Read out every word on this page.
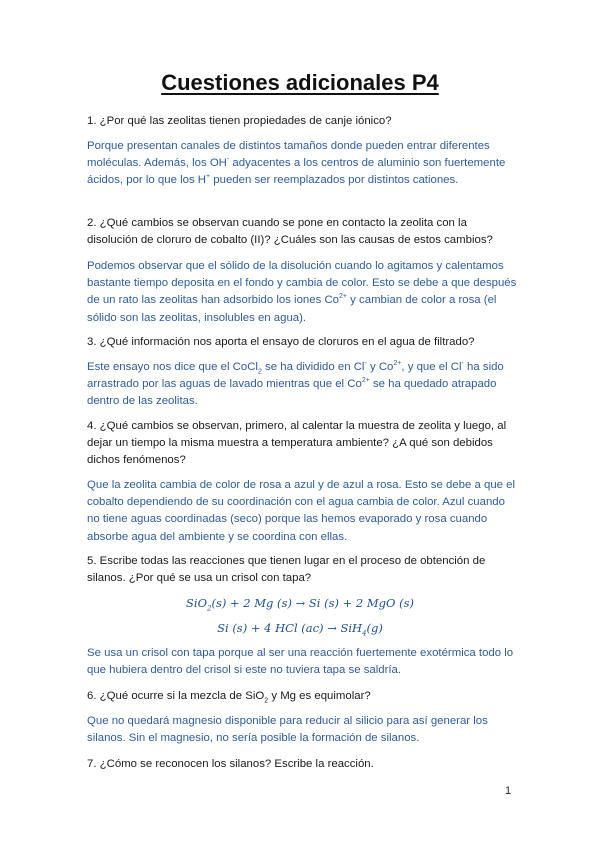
Cuestiones adicionales P4
1. ¿Por qué las zeolitas tienen propiedades de canje iónico?
Porque presentan canales de distintos tamaños donde pueden entrar diferentes moléculas. Además, los OH- adyacentes a los centros de aluminio son fuertemente ácidos, por lo que los H+ pueden ser reemplazados por distintos cationes.
2. ¿Qué cambios se observan cuando se pone en contacto la zeolita con la disolución de cloruro de cobalto (II)? ¿Cuáles son las causas de estos cambios?
Podemos observar que el sólido de la disolución cuando lo agitamos y calentamos bastante tiempo deposita en el fondo y cambia de color. Esto se debe a que después de un rato las zeolitas han adsorbido los iones $Co^{2+}$ y cambian de color a rosa (el sólido son las zeolitas, insolubles en agua).
3. ¿Qué información nos aporta el ensayo de cloruros en el agua de filtrado?
Este ensayo nos dice que el CoCl$_2$ se ha dividido en Cl- y $Co^{2+}$, y que el Cl- ha sido arrastrado por las aguas de lavado mientras que el $Co^{2+}$ se ha quedado atrapado dentro de las zeolitas.
4. ¿Qué cambios se observan, primero, al calentar la muestra de zeolita y luego, al dejar un tiempo la misma muestra a temperatura ambiente? ¿A qué son debidos dichos fenómenos?
Que la zeolita cambia de color de rosa a azul y de azul a rosa. Esto se debe a que el cobalto dependiendo de su coordinación con el agua cambia de color. Azul cuando no tiene aguas coordinadas (seco) porque las hemos evaporado y rosa cuando absorbe agua del ambiente y se coordina con ellas.
5. Escribe todas las reacciones que tienen lugar en el proceso de obtención de silanos. ¿Por qué se usa un crisol con tapa?
SiO$_2$(s) + 2 Mg (s) → Si (s) + 2 MgO (s)
Si (s) + 4 HCl (ac) → SiH$_4$(g)
Se usa un crisol con tapa porque al ser una reacción fuertemente exotérmica todo lo que hubiera dentro del crisol si este no tuviera tapa se saldría.
6. ¿Qué ocurre si la mezcla de SiO$_2$ y Mg es equimolar?
Que no quedará magnesio disponible para reducir al silicio para así generar los silanos. Sin el magnesio, no sería posible la formación de silanos.
7. ¿Cómo se reconocen los silanos? Escribe la reacción.
1
